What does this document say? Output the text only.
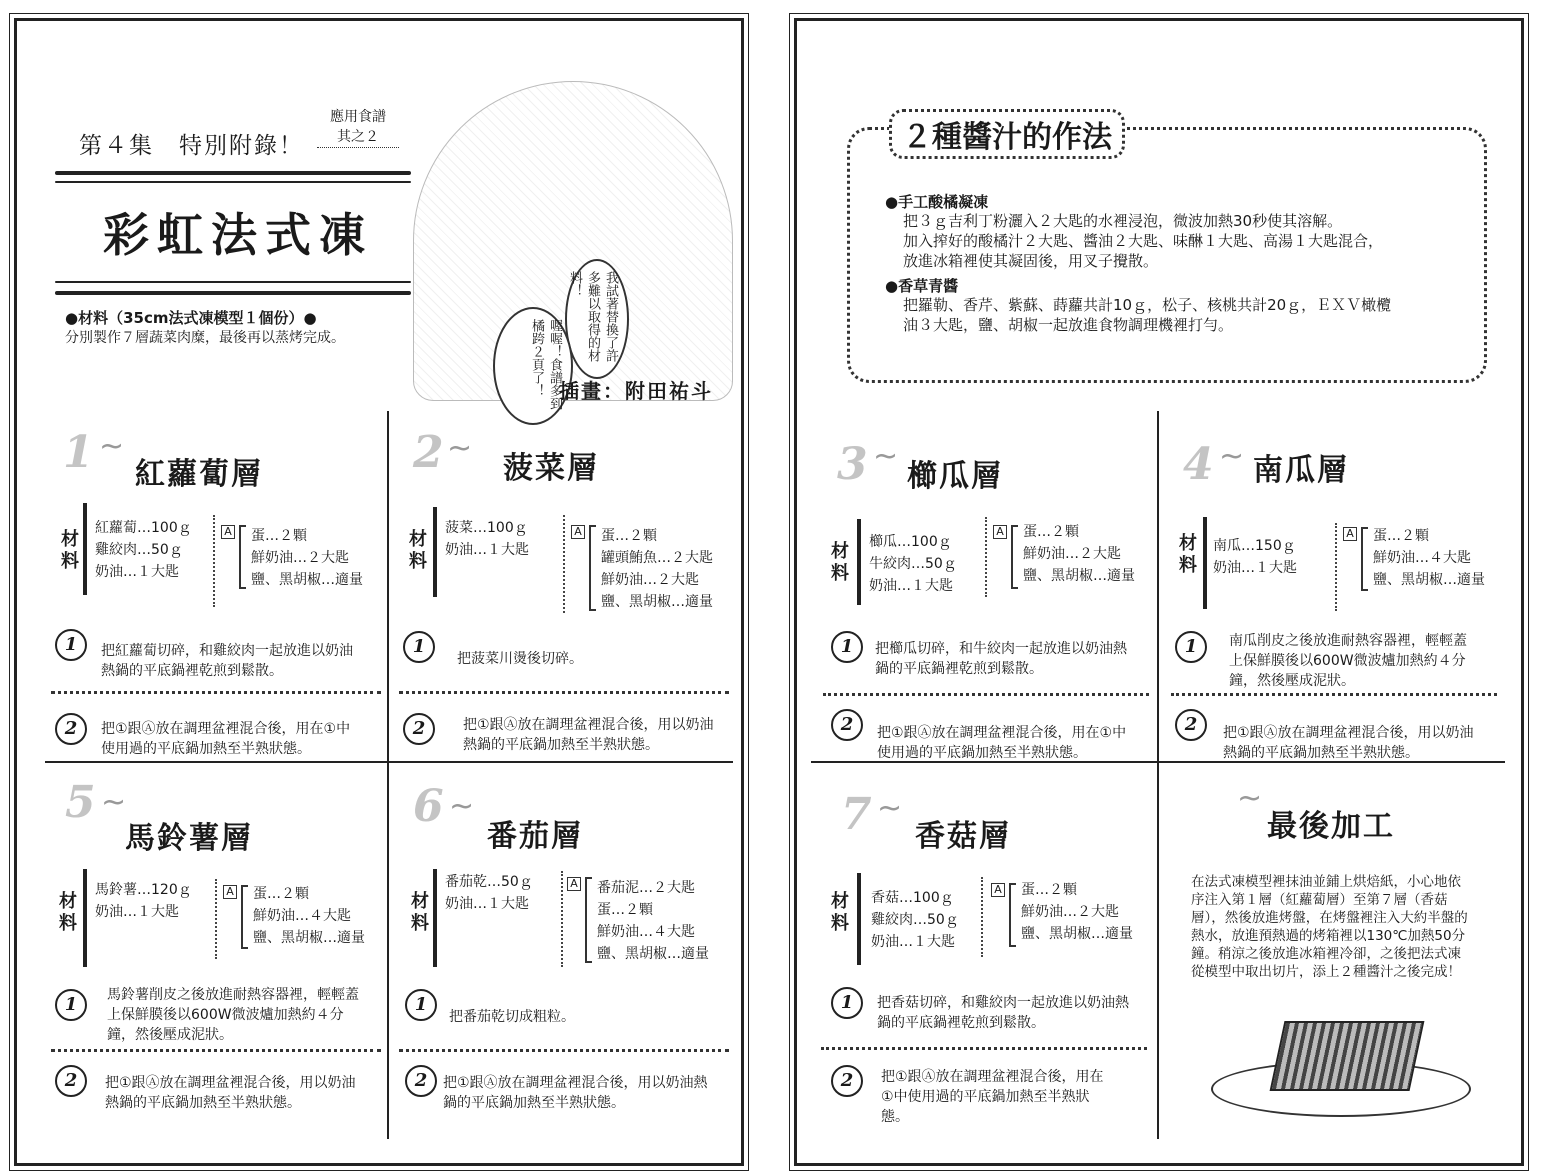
第４集　特別附錄！
應用食譜
其之２
彩虹法式凍
●材料（35cm法式凍模型１個份）●
分別製作７層蔬菜肉糜，最後再以蒸烤完成。	我試著替換了許多難以取得的材料！
喔喔！食譜多到橘跨２頁了！ 插畫：附田祐斗
1 ~
紅蘿蔔層
材料
紅蘿蔔…100ｇ
雞絞肉…50ｇ
奶油…１大匙
A 蛋…２顆
鮮奶油…２大匙
鹽、黑胡椒…適量
1	把紅蘿蔔切碎，和雞絞肉一起放進以奶油熱鍋的平底鍋裡乾煎到鬆散。
2	把①跟Ⓐ放在調理盆裡混合後，用在①中使用過的平底鍋加熱至半熟狀態。
2 ~
菠菜層
材料
菠菜…100ｇ
奶油…１大匙
A 蛋…２顆
罐頭鮪魚…２大匙
鮮奶油…２大匙
鹽、黑胡椒…適量
1
把菠菜川燙後切碎。
2	把①跟Ⓐ放在調理盆裡混合後，用以奶油熱鍋的平底鍋加熱至半熟狀態。
5 ~
馬鈴薯層
材料
馬鈴薯…120ｇ
奶油…１大匙
A 蛋…２顆
鮮奶油…４大匙
鹽、黑胡椒…適量
1	馬鈴薯削皮之後放進耐熱容器裡，輕輕蓋上保鮮膜後以600W微波爐加熱約４分鐘，然後壓成泥狀。
2	把①跟Ⓐ放在調理盆裡混合後，用以奶油熱鍋的平底鍋加熱至半熟狀態。
6 ~
番茄層
材料
番茄乾…50ｇ
奶油…１大匙
A 番茄泥…２大匙
蛋…２顆
鮮奶油…４大匙
鹽、黑胡椒…適量
1
把番茄乾切成粗粒。
2	把①跟Ⓐ放在調理盆裡混合後，用以奶油熱鍋的平底鍋加熱至半熟狀態。
２種醬汁的作法
●手工酸橘凝凍
把３ｇ吉利丁粉灑入２大匙的水裡浸泡，微波加熱30秒使其溶解。
加入搾好的酸橘汁２大匙、醬油２大匙、味醂１大匙、高湯１大匙混合，
放進冰箱裡使其凝固後，用叉子攪散。
●香草青醬
把羅勒、香芹、紫蘇、蒔蘿共計10ｇ，松子、核桃共計20ｇ，ＥＸＶ橄欖
油３大匙，鹽、胡椒一起放進食物調理機裡打勻。
3 ~
櫛瓜層
材料 櫛瓜…100ｇ
牛絞肉…50ｇ
奶油…１大匙
A 蛋…２顆
鮮奶油…２大匙
鹽、黑胡椒…適量
1	把櫛瓜切碎，和牛絞肉一起放進以奶油熱鍋的平底鍋裡乾煎到鬆散。
2	把①跟Ⓐ放在調理盆裡混合後，用在①中使用過的平底鍋加熱至半熟狀態。
4 ~ 南瓜層
材料 南瓜…150ｇ
奶油…１大匙
A 蛋…２顆
鮮奶油…４大匙
鹽、黑胡椒…適量
1	南瓜削皮之後放進耐熱容器裡，輕輕蓋上保鮮膜後以600W微波爐加熱約４分鐘，然後壓成泥狀。
2	把①跟Ⓐ放在調理盆裡混合後，用以奶油熱鍋的平底鍋加熱至半熟狀態。
7 ~
香菇層
材料 香菇…100ｇ
雞絞肉…50ｇ
奶油…１大匙
A 蛋…２顆
鮮奶油…２大匙
鹽、黑胡椒…適量
1	把香菇切碎，和雞絞肉一起放進以奶油熱鍋的平底鍋裡乾煎到鬆散。
2	把①跟Ⓐ放在調理盆裡混合後，用在①中使用過的平底鍋加熱至半熟狀態。
~
最後加工
在法式凍模型裡抹油並鋪上烘焙紙，小心地依序注入第１層（紅蘿蔔層）至第７層（香菇層），然後放進烤盤，在烤盤裡注入大約半盤的熱水，放進預熱過的烤箱裡以130℃加熱50分鐘。稍涼之後放進冰箱裡冷卻，之後把法式凍從模型中取出切片，添上２種醬汁之後完成！
